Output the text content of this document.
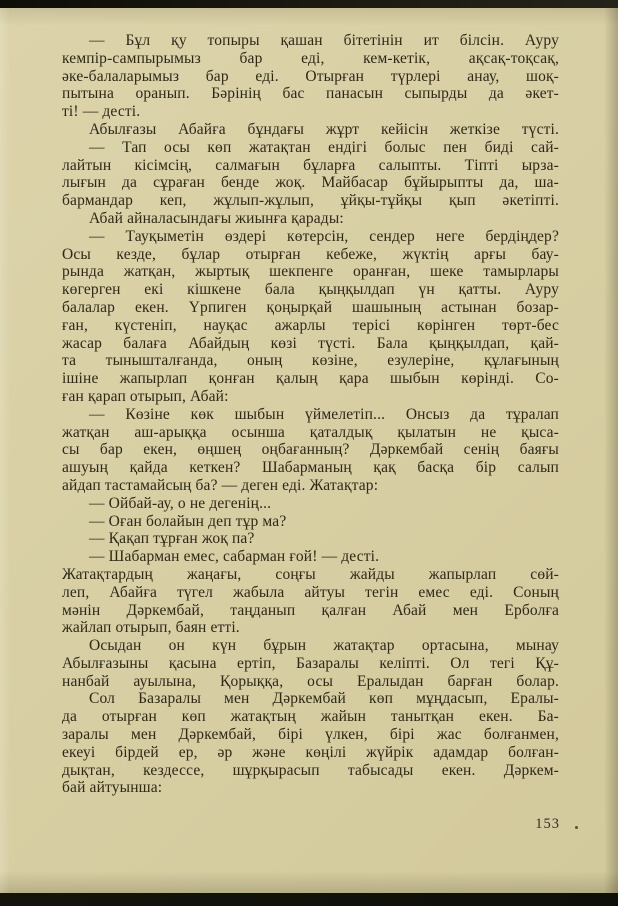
— Бұл қу топыры қашан бітетінін ит білсін. Ауру
кемпір-сампырымыз бар еді, кем-кетік, ақсақ-тоқсақ,
әке-балаларымыз бар еді. Отырған түрлері анау, шоқ-
пытына оранып. Бәрінің бас панасын сыпырды да әкет-
ті! — десті.
Абылғазы Абайға бұндағы жұрт кейісін жеткізе түсті.
— Тап осы көп жатақтан ендігі болыс пен биді сай-
лайтын кісімсің, салмағын бұларға салыпты. Тіпті ырза-
лығын да сұраған бенде жоқ. Майбасар бұйырыпты да, ша-
бармандар кеп, жұлып-жұлып, ұйқы-тұйқы қып әкетіпті.
Абай айналасындағы жиынға қарады:
— Тауқыметін өздері көтерсін, сендер неге бердіңдер?
Осы кезде, бұлар отырған кебеже, жүктің арғы бау-
рында жатқан, жыртық шекпенге оранған, шеке тамырлары
көгерген екі кішкене бала қыңқылдап үн қатты. Ауру
балалар екен. Үрпиген қоңырқай шашының астынан бозар-
ған, күстеніп, науқас ажарлы терісі көрінген төрт-бес
жасар балаға Абайдың көзі түсті. Бала қыңқылдап, қай-
та тынышталғанда, оның көзіне, езулеріне, құлағының
ішіне жапырлап қонған қалың қара шыбын көрінді. Со-
ған қарап отырып, Абай:
— Көзіне көк шыбын үймелетіп... Онсыз да тұралап
жатқан аш-арыққа осынша қаталдық қылатын не қыса-
сы бар екен, өңшең оңбағанның? Дәркембай сенің баяғы
ашуың қайда кеткен? Шабарманың қақ басқа бір салып
айдап тастамайсың ба? — деген еді. Жатақтар:
— Ойбай-ау, о не дегенің...
— Оған болайын деп тұр ма?
— Қақап тұрған жоқ па?
— Шабарман емес, сабарман ғой! — десті.
Жатақтардың жаңағы, соңғы жайды жапырлап сөй-
леп, Абайға түгел жабыла айтуы тегін емес еді. Соның
мәнін Дәркембай, таңданып қалған Абай мен Ерболға
жайлап отырып, баян етті.
Осыдан он күн бұрын жатақтар ортасына, мынау
Абылғазыны қасына ертіп, Базаралы келіпті. Ол тегі Құ-
нанбай ауылына, Қорыққа, осы Ералыдан барған болар.
Сол Базаралы мен Дәркембай көп мұңдасып, Ералы-
да отырған көп жатақтың жайын танытқан екен. Ба-
заралы мен Дәркембай, бірі үлкен, бірі жас болғанмен,
екеуі бірдей ер, әр және көңілі жүйрік адамдар болған-
дықтан, кездессе, шұрқырасып табысады екен. Дәркем-
бай айтуынша:
153
